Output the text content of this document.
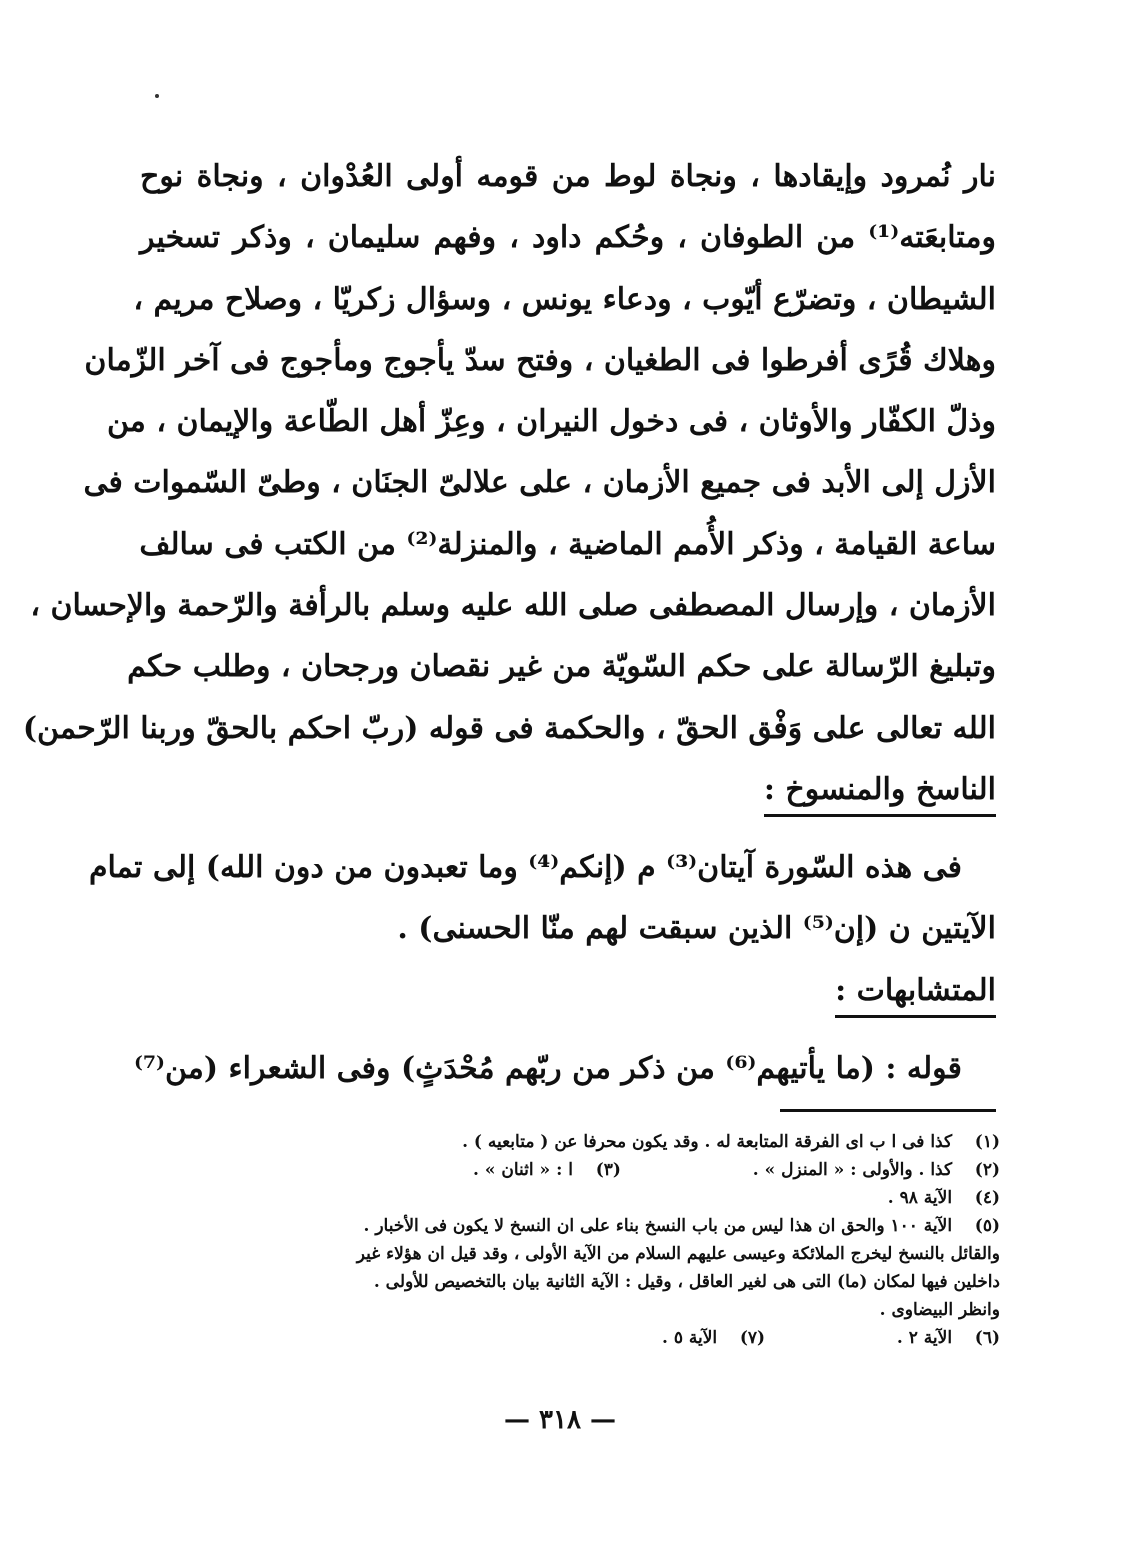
نار نُمرود وإيقادها ، ونجاة لوط من قومه أولى العُدْوان ، ونجاة نوح
ومتابعَته⁽¹⁾ من الطوفان ، وحُكم داود ، وفهم سليمان ، وذكر تسخير
الشيطان ، وتضرّع أيّوب ، ودعاء يونس ، وسؤال زكريّا ، وصلاح مريم ،
وهلاك قُرًى أفرطوا فى الطغيان ، وفتح سدّ يأجوج ومأجوج فى آخر الزّمان
وذلّ الكفّار والأوثان ، فى دخول النيران ، وعِزّ أهل الطّاعة والإيمان ، من
الأزل إلى الأبد فى جميع الأزمان ، على علالىّ الجنَان ، وطىّ السّموات فى
ساعة القيامة ، وذكر الأُمم الماضية ، والمنزلة⁽²⁾ من الكتب فى سالف
الأزمان ، وإرسال المصطفى صلى الله عليه وسلم بالرأفة والرّحمة والإحسان ،
وتبليغ الرّسالة على حكم السّويّة من غير نقصان ورجحان ، وطلب حكم
الله تعالى على وَفْق الحقّ ، والحكمة فى قوله (ربّ احكم بالحقّ وربنا الرّحمن)
الناسخ والمنسوخ :
فى هذه السّورة آيتان⁽³⁾ م (إنكم⁽⁴⁾ وما تعبدون من دون الله) إلى تمام
الآيتين ن (إن⁽⁵⁾ الذين سبقت لهم منّا الحسنى) .
المتشابهات :
قوله : (ما يأتيهم⁽⁶⁾ من ذكر من ربّهم مُحْدَثٍ) وفى الشعراء (من⁽⁷⁾
(١) كذا فى ا ب اى الفرقة المتابعة له . وقد يكون محرفا عن ( متابعيه ) .
(٢) كذا . والأولى : « المنزل » .  (٣) ا : « اثنان » .
(٤) الآية ٩٨ .
(٥) الآية ١٠٠ والحق ان هذا ليس من باب النسخ بناء على ان النسخ لا يكون فى الأخبار .
والقائل بالنسخ ليخرج الملائكة وعيسى عليهم السلام من الآية الأولى ، وقد قيل ان هؤلاء غير
داخلين فيها لمكان (ما) التى هى لغير العاقل ، وقيل : الآية الثانية بيان بالتخصيص للأولى .
وانظر البيضاوى .
(٦) الآية ٢ .  (٧) الآية ٥ .
— ٣١٨ —
